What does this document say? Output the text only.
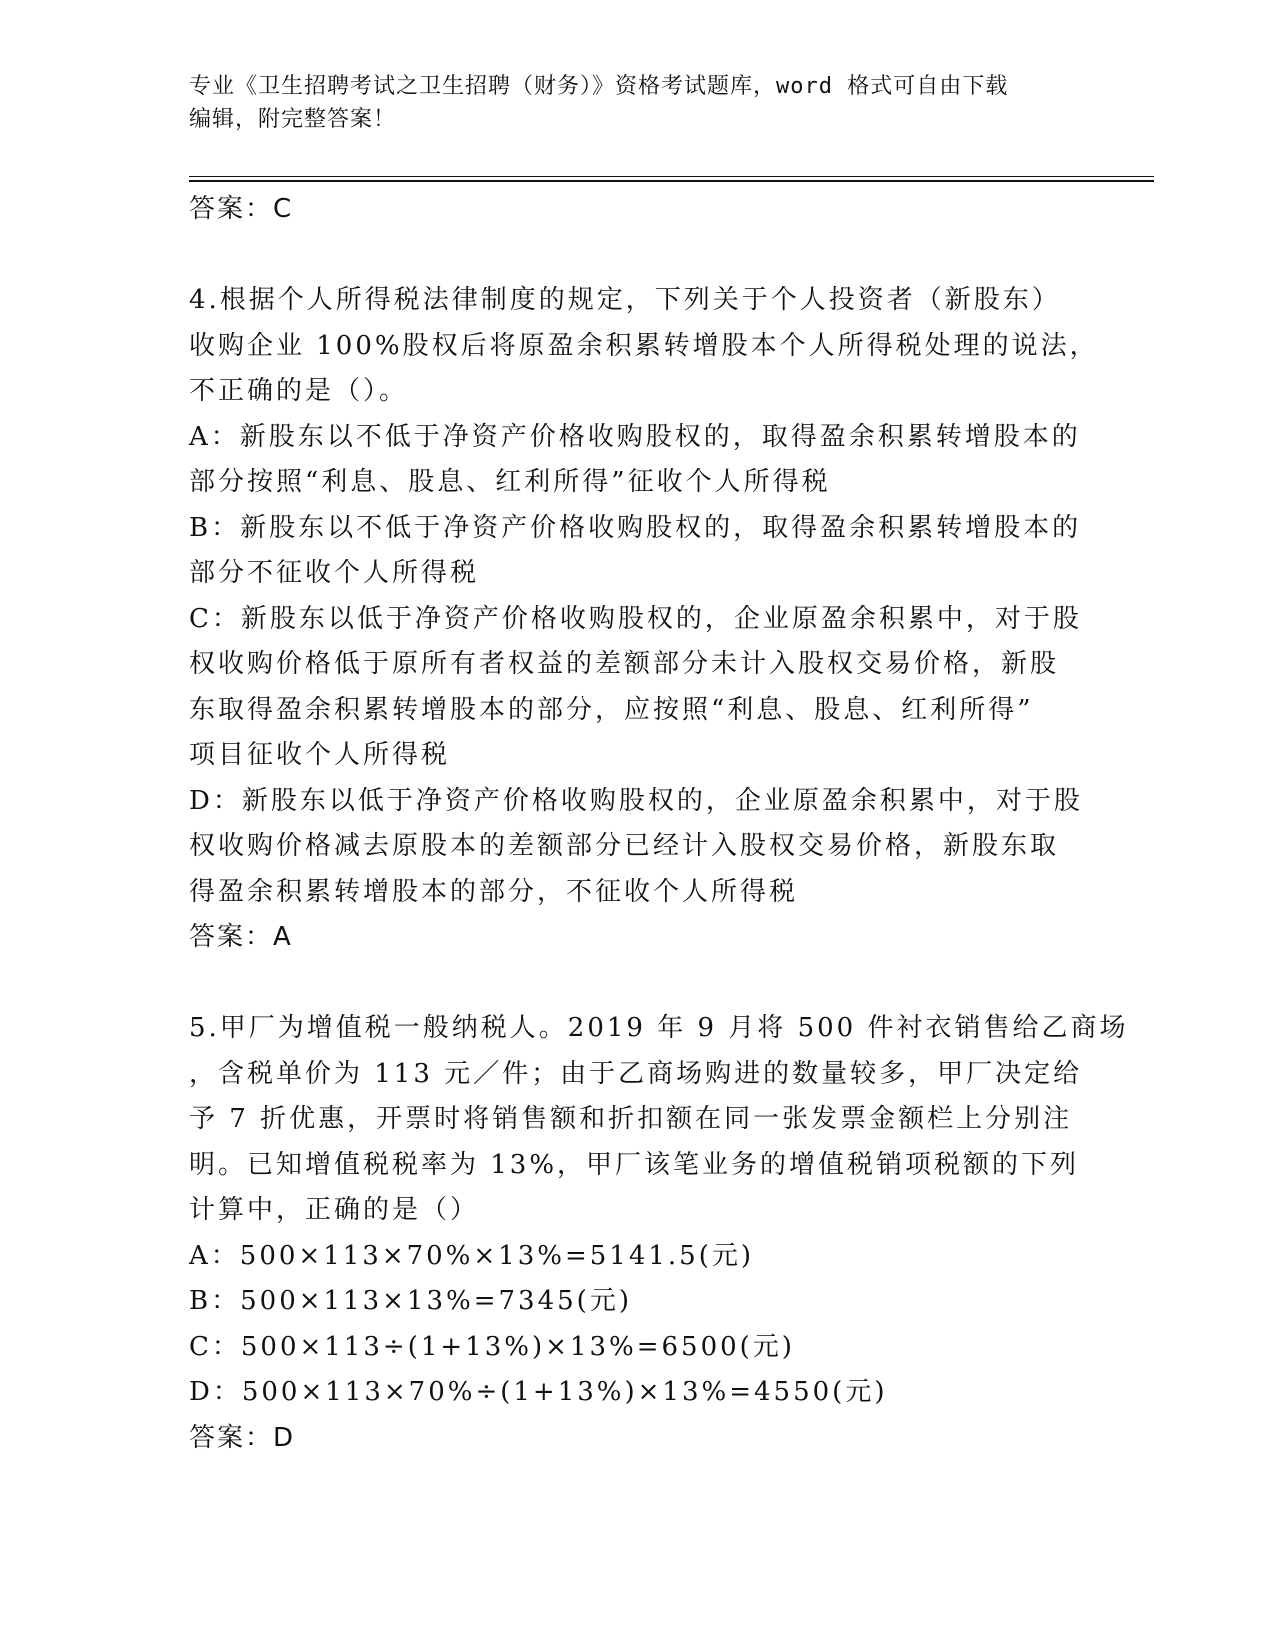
专业《卫生招聘考试之卫生招聘（财务）》资格考试题库，word 格式可自由下载
编辑，附完整答案！
答案：C
4.根据个人所得税法律制度的规定，下列关于个人投资者（新股东）
收购企业 100%股权后将原盈余积累转增股本个人所得税处理的说法，
不正确的是（）。
A：新股东以不低于净资产价格收购股权的，取得盈余积累转增股本的
部分按照“利息、股息、红利所得”征收个人所得税
B：新股东以不低于净资产价格收购股权的，取得盈余积累转增股本的
部分不征收个人所得税
C：新股东以低于净资产价格收购股权的，企业原盈余积累中，对于股
权收购价格低于原所有者权益的差额部分未计入股权交易价格，新股
东取得盈余积累转增股本的部分，应按照“利息、股息、红利所得”
项目征收个人所得税
D：新股东以低于净资产价格收购股权的，企业原盈余积累中，对于股
权收购价格减去原股本的差额部分已经计入股权交易价格，新股东取
得盈余积累转增股本的部分，不征收个人所得税
答案：A
5.甲厂为增值税一般纳税人。2019 年 9 月将 500 件衬衣销售给乙商场
，含税单价为 113 元／件；由于乙商场购进的数量较多，甲厂决定给
予 7 折优惠，开票时将销售额和折扣额在同一张发票金额栏上分别注
明。已知增值税税率为 13%，甲厂该笔业务的增值税销项税额的下列
计算中，正确的是（）
A：500×113×70%×13%=5141.5(元)
B：500×113×13%=7345(元)
C：500×113÷(1+13%)×13%=6500(元)
D：500×113×70%÷(1+13%)×13%=4550(元)
答案：D
